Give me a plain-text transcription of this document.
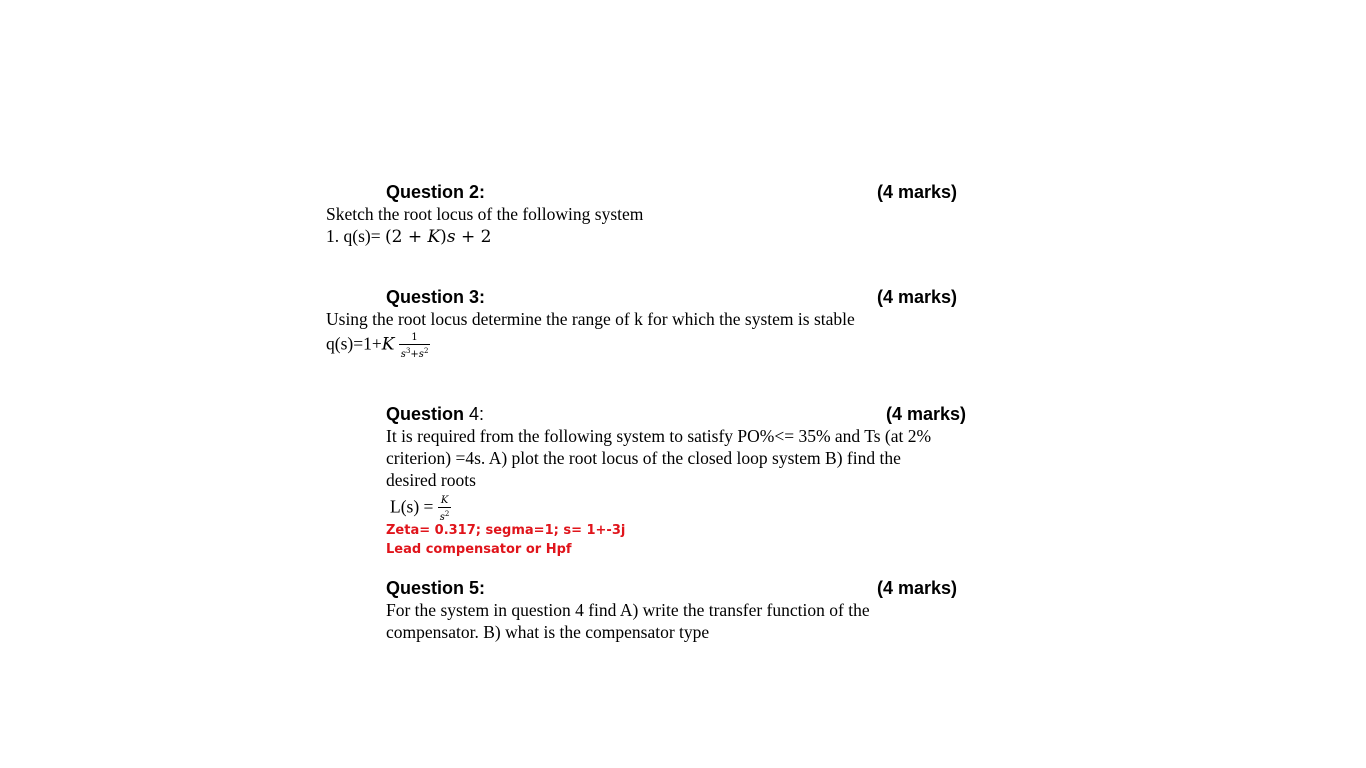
Question 2:	(4 marks)
Sketch the root locus of the following system
1. q(s)= (2 + K)s + 2
Question 3:	(4 marks)
Using the root locus determine the range of k for which the system is stable
$q(s)=1+K \frac{1}{s^3+s^2}$
Question 4:	(4 marks)
It is required from the following system to satisfy PO%<= 35% and Ts (at 2%
criterion) =4s. A) plot the root locus of the closed loop system B) find the
desired roots
$L(s) = \frac{K}{s^2}$
Zeta= 0.317; segma=1; s= 1+-3j
Lead compensator or Hpf
Question 5:	(4 marks)
For the system in question 4 find A) write the transfer function of the
compensator. B) what is the compensator type
